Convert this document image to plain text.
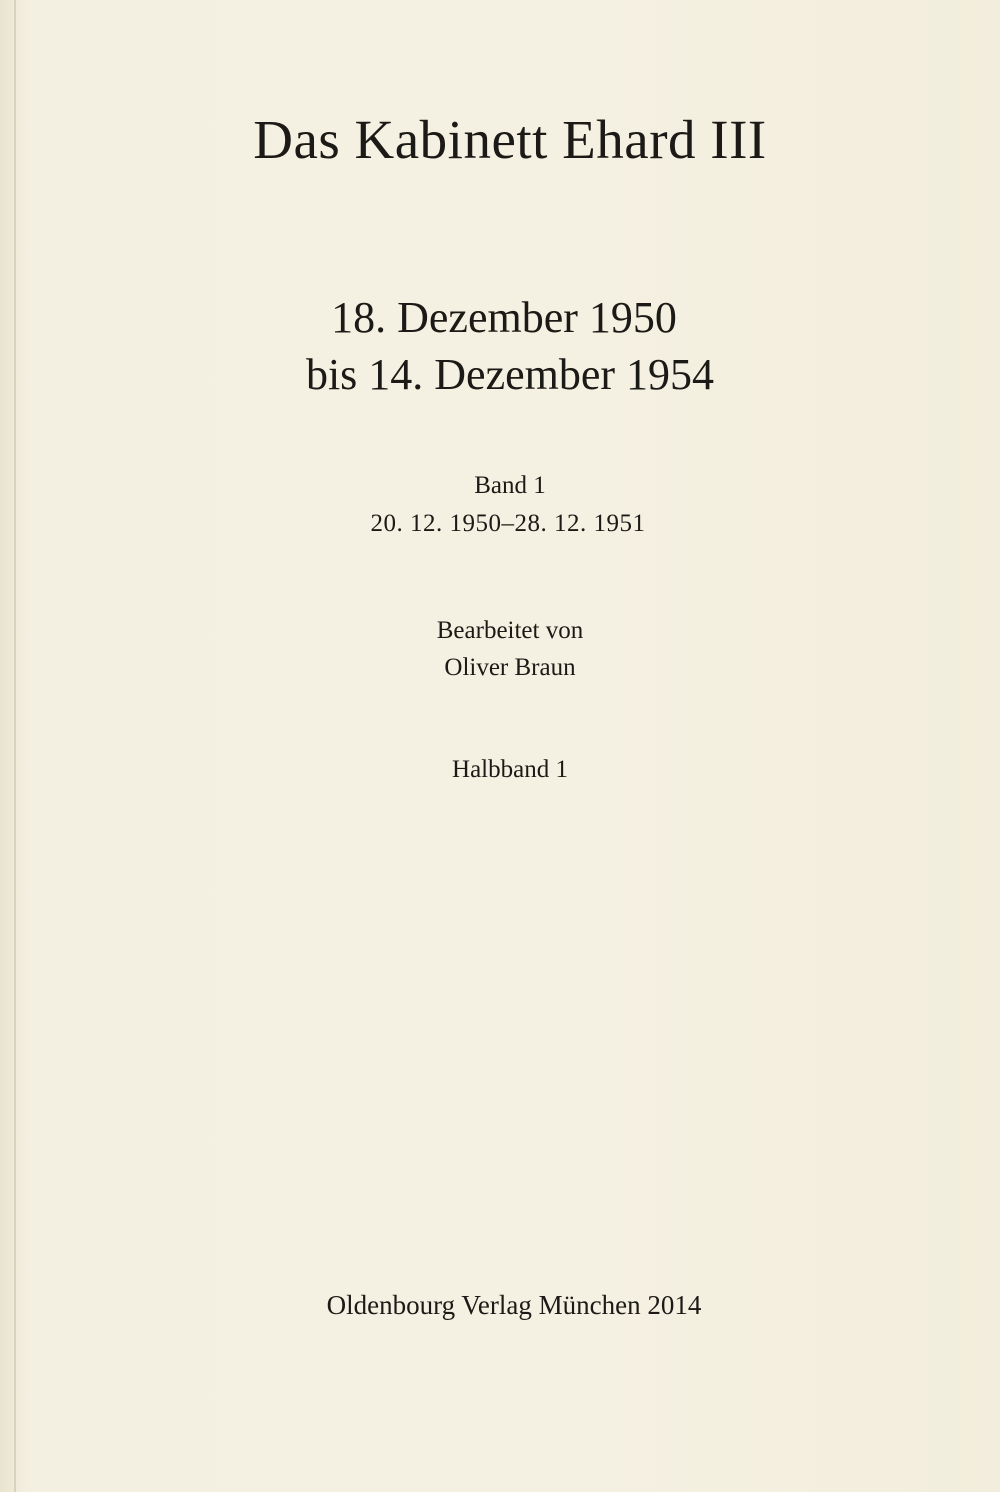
Das Kabinett Ehard III
18. Dezember 1950
bis 14. Dezember 1954
Band 1
20. 12. 1950–28. 12. 1951
Bearbeitet von
Oliver Braun
Halbband 1
Oldenbourg Verlag München 2014
